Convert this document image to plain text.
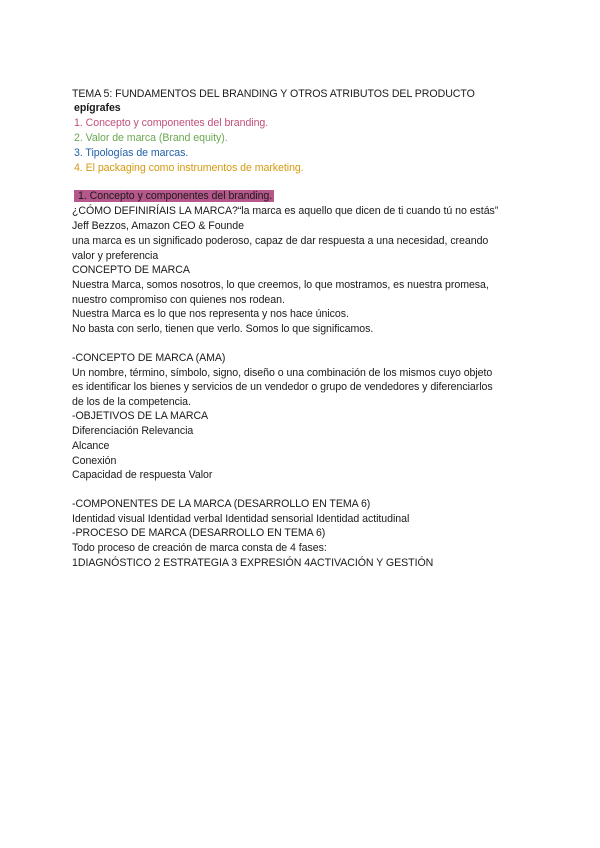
TEMA 5: FUNDAMENTOS DEL BRANDING Y OTROS ATRIBUTOS DEL PRODUCTO
epígrafes
1. Concepto y componentes del branding.
2. Valor de marca (Brand equity).
3. Tipologías de marcas.
4. El packaging como instrumentos de marketing.
1. Concepto y componentes del branding.
¿CÓMO DEFINIRÍAIS LA MARCA?“la marca es aquello que dicen de ti cuando tú no estás”
Jeff Bezzos, Amazon CEO & Founde
una marca es un significado poderoso, capaz de dar respuesta a una necesidad, creando
valor y preferencia
CONCEPTO DE MARCA
Nuestra Marca, somos nosotros, lo que creemos, lo que mostramos, es nuestra promesa,
nuestro compromiso con quienes nos rodean.
Nuestra Marca es lo que nos representa y nos hace únicos.
No basta con serlo, tienen que verlo. Somos lo que significamos.
-CONCEPTO DE MARCA (AMA)
Un nombre, término, símbolo, signo, diseño o una combinación de los mismos cuyo objeto
es identificar los bienes y servicios de un vendedor o grupo de vendedores y diferenciarlos
de los de la competencia.
-OBJETIVOS DE LA MARCA
Diferenciación Relevancia
Alcance
Conexión
Capacidad de respuesta Valor
-COMPONENTES DE LA MARCA (DESARROLLO EN TEMA 6)
Identidad visual Identidad verbal Identidad sensorial Identidad actitudinal
-PROCESO DE MARCA (DESARROLLO EN TEMA 6)
Todo proceso de creación de marca consta de 4 fases:
1DIAGNÓSTICO 2 ESTRATEGIA 3 EXPRESIÓN 4ACTIVACIÓN Y GESTIÓN
